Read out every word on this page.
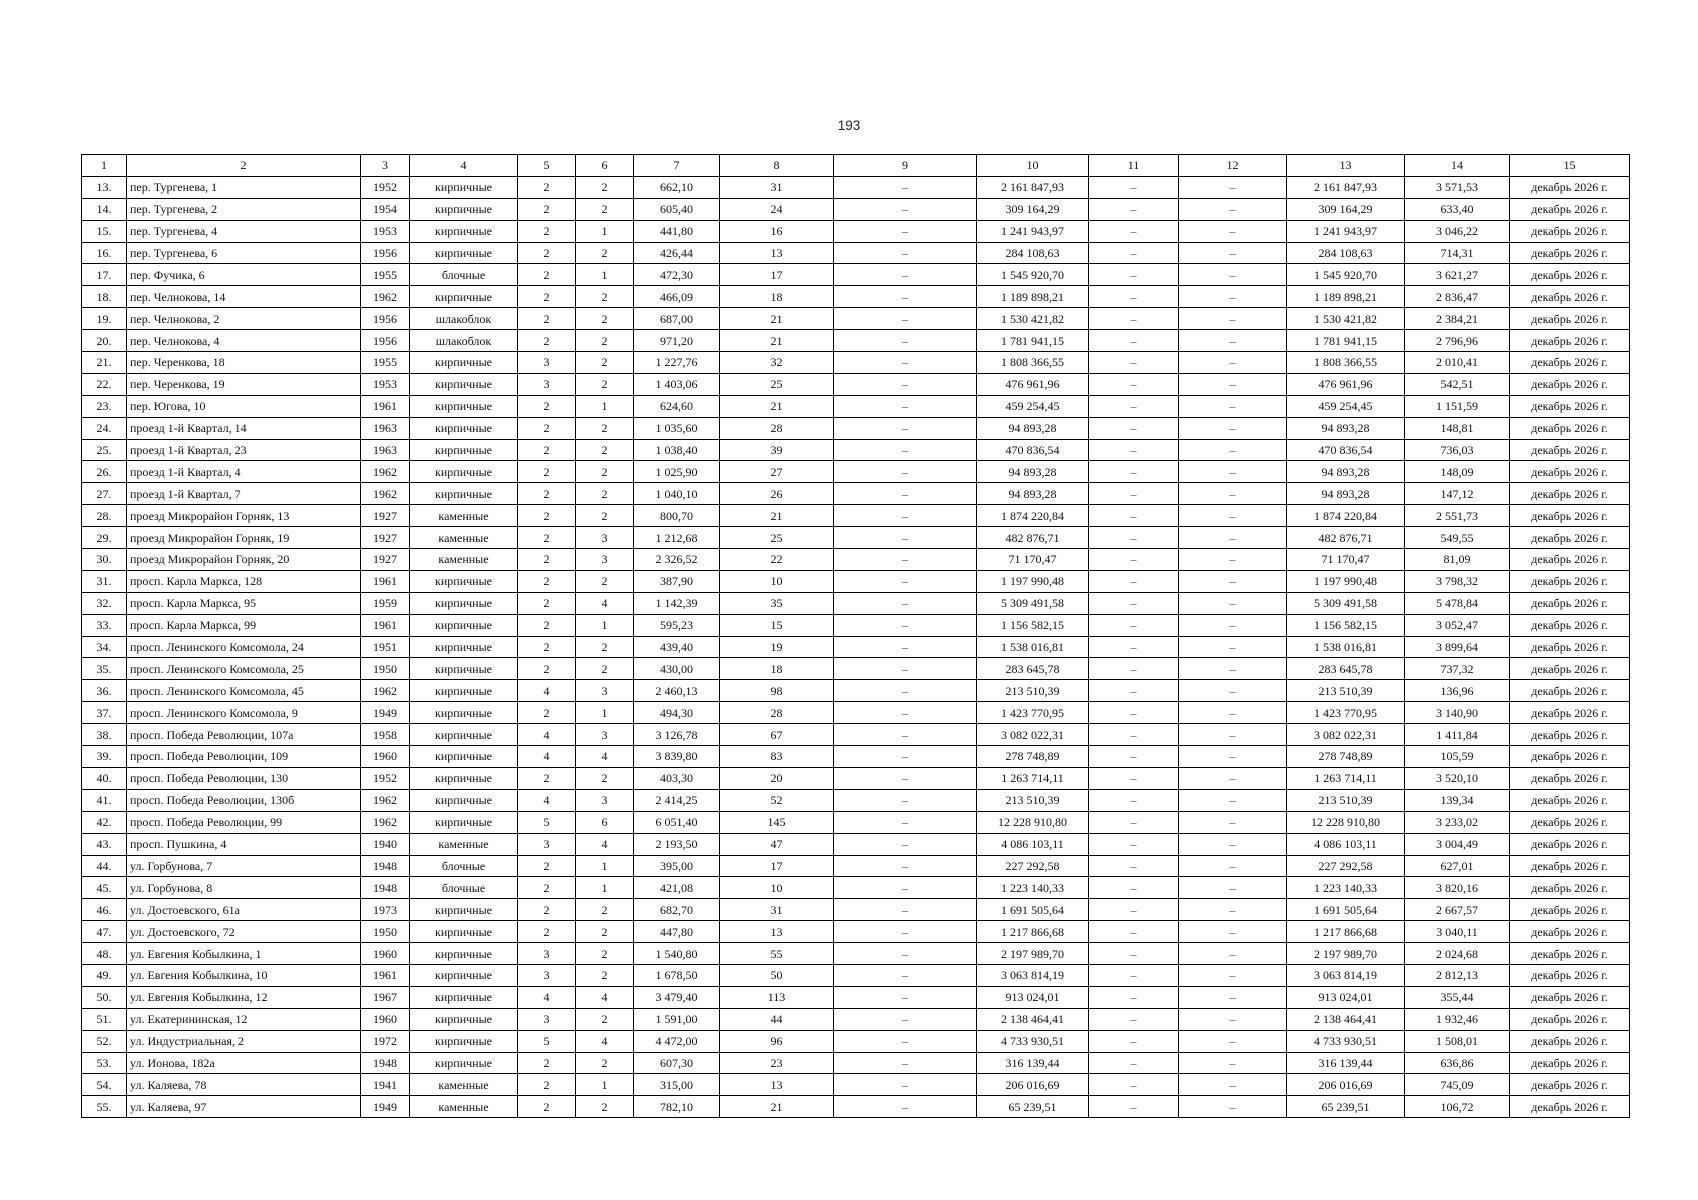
193
1	2	3	4	5	6	7	8	9	10	11	12	13	14	15
13.	пер. Тургенева, 1	1952	кирпичные	2	2	662,10	31	–	2 161 847,93	–	–	2 161 847,93	3 571,53	декабрь 2026 г.
14.	пер. Тургенева, 2	1954	кирпичные	2	2	605,40	24	–	309 164,29	–	–	309 164,29	633,40	декабрь 2026 г.
15.	пер. Тургенева, 4	1953	кирпичные	2	1	441,80	16	–	1 241 943,97	–	–	1 241 943,97	3 046,22	декабрь 2026 г.
16.	пер. Тургенева, 6	1956	кирпичные	2	2	426,44	13	–	284 108,63	–	–	284 108,63	714,31	декабрь 2026 г.
17.	пер. Фучика, 6	1955	блочные	2	1	472,30	17	–	1 545 920,70	–	–	1 545 920,70	3 621,27	декабрь 2026 г.
18.	пер. Челнокова, 14	1962	кирпичные	2	2	466,09	18	–	1 189 898,21	–	–	1 189 898,21	2 836,47	декабрь 2026 г.
19.	пер. Челнокова, 2	1956	шлакоблок	2	2	687,00	21	–	1 530 421,82	–	–	1 530 421,82	2 384,21	декабрь 2026 г.
20.	пер. Челнокова, 4	1956	шлакоблок	2	2	971,20	21	–	1 781 941,15	–	–	1 781 941,15	2 796,96	декабрь 2026 г.
21.	пер. Черенкова, 18	1955	кирпичные	3	2	1 227,76	32	–	1 808 366,55	–	–	1 808 366,55	2 010,41	декабрь 2026 г.
22.	пер. Черенкова, 19	1953	кирпичные	3	2	1 403,06	25	–	476 961,96	–	–	476 961,96	542,51	декабрь 2026 г.
23.	пер. Югова, 10	1961	кирпичные	2	1	624,60	21	–	459 254,45	–	–	459 254,45	1 151,59	декабрь 2026 г.
24.	проезд 1-й Квартал, 14	1963	кирпичные	2	2	1 035,60	28	–	94 893,28	–	–	94 893,28	148,81	декабрь 2026 г.
25.	проезд 1-й Квартал, 23	1963	кирпичные	2	2	1 038,40	39	–	470 836,54	–	–	470 836,54	736,03	декабрь 2026 г.
26.	проезд 1-й Квартал, 4	1962	кирпичные	2	2	1 025,90	27	–	94 893,28	–	–	94 893,28	148,09	декабрь 2026 г.
27.	проезд 1-й Квартал, 7	1962	кирпичные	2	2	1 040,10	26	–	94 893,28	–	–	94 893,28	147,12	декабрь 2026 г.
28.	проезд Микрорайон Горняк, 13	1927	каменные	2	2	800,70	21	–	1 874 220,84	–	–	1 874 220,84	2 551,73	декабрь 2026 г.
29.	проезд Микрорайон Горняк, 19	1927	каменные	2	3	1 212,68	25	–	482 876,71	–	–	482 876,71	549,55	декабрь 2026 г.
30.	проезд Микрорайон Горняк, 20	1927	каменные	2	3	2 326,52	22	–	71 170,47	–	–	71 170,47	81,09	декабрь 2026 г.
31.	просп. Карла Маркса, 128	1961	кирпичные	2	2	387,90	10	–	1 197 990,48	–	–	1 197 990,48	3 798,32	декабрь 2026 г.
32.	просп. Карла Маркса, 95	1959	кирпичные	2	4	1 142,39	35	–	5 309 491,58	–	–	5 309 491,58	5 478,84	декабрь 2026 г.
33.	просп. Карла Маркса, 99	1961	кирпичные	2	1	595,23	15	–	1 156 582,15	–	–	1 156 582,15	3 052,47	декабрь 2026 г.
34.	просп. Ленинского Комсомола, 24	1951	кирпичные	2	2	439,40	19	–	1 538 016,81	–	–	1 538 016,81	3 899,64	декабрь 2026 г.
35.	просп. Ленинского Комсомола, 25	1950	кирпичные	2	2	430,00	18	–	283 645,78	–	–	283 645,78	737,32	декабрь 2026 г.
36.	просп. Ленинского Комсомола, 45	1962	кирпичные	4	3	2 460,13	98	–	213 510,39	–	–	213 510,39	136,96	декабрь 2026 г.
37.	просп. Ленинского Комсомола, 9	1949	кирпичные	2	1	494,30	28	–	1 423 770,95	–	–	1 423 770,95	3 140,90	декабрь 2026 г.
38.	просп. Победа Революции, 107а	1958	кирпичные	4	3	3 126,78	67	–	3 082 022,31	–	–	3 082 022,31	1 411,84	декабрь 2026 г.
39.	просп. Победа Революции, 109	1960	кирпичные	4	4	3 839,80	83	–	278 748,89	–	–	278 748,89	105,59	декабрь 2026 г.
40.	просп. Победа Революции, 130	1952	кирпичные	2	2	403,30	20	–	1 263 714,11	–	–	1 263 714,11	3 520,10	декабрь 2026 г.
41.	просп. Победа Революции, 130б	1962	кирпичные	4	3	2 414,25	52	–	213 510,39	–	–	213 510,39	139,34	декабрь 2026 г.
42.	просп. Победа Революции, 99	1962	кирпичные	5	6	6 051,40	145	–	12 228 910,80	–	–	12 228 910,80	3 233,02	декабрь 2026 г.
43.	просп. Пушкина, 4	1940	каменные	3	4	2 193,50	47	–	4 086 103,11	–	–	4 086 103,11	3 004,49	декабрь 2026 г.
44.	ул. Горбунова, 7	1948	блочные	2	1	395,00	17	–	227 292,58	–	–	227 292,58	627,01	декабрь 2026 г.
45.	ул. Горбунова, 8	1948	блочные	2	1	421,08	10	–	1 223 140,33	–	–	1 223 140,33	3 820,16	декабрь 2026 г.
46.	ул. Достоевского, 61а	1973	кирпичные	2	2	682,70	31	–	1 691 505,64	–	–	1 691 505,64	2 667,57	декабрь 2026 г.
47.	ул. Достоевского, 72	1950	кирпичные	2	2	447,80	13	–	1 217 866,68	–	–	1 217 866,68	3 040,11	декабрь 2026 г.
48.	ул. Евгения Кобылкина, 1	1960	кирпичные	3	2	1 540,80	55	–	2 197 989,70	–	–	2 197 989,70	2 024,68	декабрь 2026 г.
49.	ул. Евгения Кобылкина, 10	1961	кирпичные	3	2	1 678,50	50	–	3 063 814,19	–	–	3 063 814,19	2 812,13	декабрь 2026 г.
50.	ул. Евгения Кобылкина, 12	1967	кирпичные	4	4	3 479,40	113	–	913 024,01	–	–	913 024,01	355,44	декабрь 2026 г.
51.	ул. Екатерининская, 12	1960	кирпичные	3	2	1 591,00	44	–	2 138 464,41	–	–	2 138 464,41	1 932,46	декабрь 2026 г.
52.	ул. Индустриальная, 2	1972	кирпичные	5	4	4 472,00	96	–	4 733 930,51	–	–	4 733 930,51	1 508,01	декабрь 2026 г.
53.	ул. Ионова, 182а	1948	кирпичные	2	2	607,30	23	–	316 139,44	–	–	316 139,44	636,86	декабрь 2026 г.
54.	ул. Каляева, 78	1941	каменные	2	1	315,00	13	–	206 016,69	–	–	206 016,69	745,09	декабрь 2026 г.
55.	ул. Каляева, 97	1949	каменные	2	2	782,10	21	–	65 239,51	–	–	65 239,51	106,72	декабрь 2026 г.
